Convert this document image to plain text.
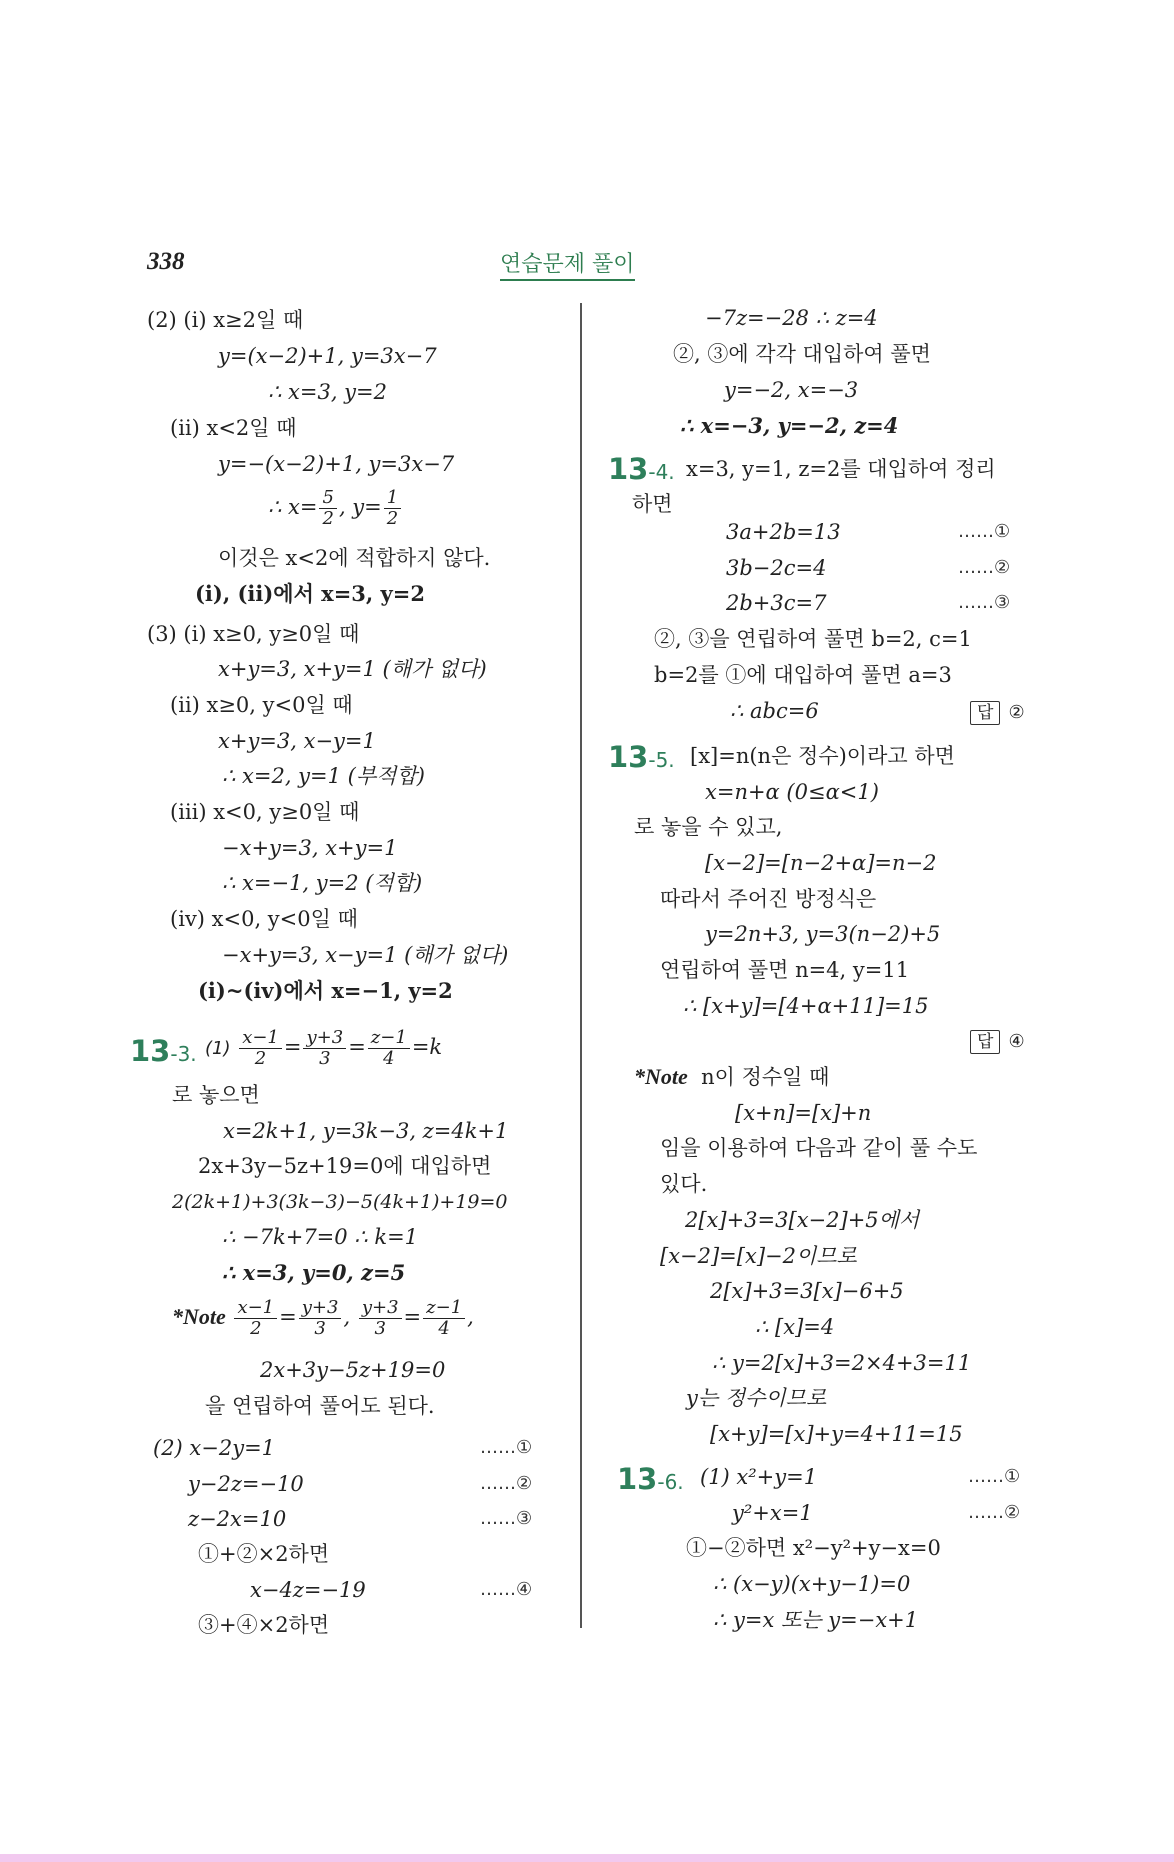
338	연습문제 풀이
(2) (ⅰ) x≥2일 때
y=(x−2)+1, y=3x−7
∴ x=3, y=2
(ⅱ) x<2일 때
y=−(x−2)+1, y=3x−7
∴ $x= \frac{5}{2}$ , $y= \frac{1}{2}$
이것은 x<2에 적합하지 않다.
(ⅰ), (ⅱ)에서 x=3, y=2
(3) (ⅰ) x≥0, y≥0일 때
x+y=3, x+y=1 (해가 없다)
(ⅱ) x≥0, y<0일 때
x+y=3, x−y=1
∴ x=2, y=1 (부적합)
(ⅲ) x<0, y≥0일 때
−x+y=3, x+y=1
∴ x=−1, y=2 (적합)
(ⅳ) x<0, y<0일 때
−x+y=3, x−y=1 (해가 없다)
(ⅰ)~(ⅳ)에서 x=−1, y=2
13-3. $(1) \frac{x-1}{2} = \frac{y+3}{3} = \frac{z-1}{4} =k$
로 놓으면
x=2k+1, y=3k−3, z=4k+1
2x+3y−5z+19=0에 대입하면
2(2k+1)+3(3k−3)−5(4k+1)+19=0
∴ −7k+7=0 ∴ k=1
∴ x=3, y=0, z=5
*Note $\frac{x-1}{2} = \frac{y+3}{3}$ , $\frac{y+3}{3} = \frac{z-1}{4}$ ,
2x+3y−5z+19=0
을 연립하여 풀어도 된다.
(2) x−2y=1	……①
y−2z=−10	……②
z−2x=10	……③
①+②×2하면
x−4z=−19	……④
③+④×2하면
−7z=−28 ∴ z=4
②, ③에 각각 대입하여 풀면
y=−2, x=−3
∴ x=−3, y=−2, z=4
13-4. x=3, y=1, z=2를 대입하여 정리
하면
3a+2b=13	……①
3b−2c=4	……②
2b+3c=7	……③
②, ③을 연립하여 풀면 b=2, c=1
b=2를 ①에 대입하여 풀면 a=3
∴ abc=6	답 ②
13-5. [x]=n(n은 정수)이라고 하면
x=n+α (0≤α<1)
로 놓을 수 있고,
[x−2]=[n−2+α]=n−2
따라서 주어진 방정식은
y=2n+3, y=3(n−2)+5
연립하여 풀면 n=4, y=11
∴ [x+y]=[4+α+11]=15
답 ④
*Note n이 정수일 때
[x+n]=[x]+n
임을 이용하여 다음과 같이 풀 수도
있다.
2[x]+3=3[x−2]+5에서
[x−2]=[x]−2이므로
2[x]+3=3[x]−6+5
∴ [x]=4
∴ y=2[x]+3=2×4+3=11
y는 정수이므로
[x+y]=[x]+y=4+11=15
13-6. (1) x²+y=1	……①
y²+x=1	……②
①−②하면 x²−y²+y−x=0
∴ (x−y)(x+y−1)=0
∴ y=x 또는 y=−x+1
